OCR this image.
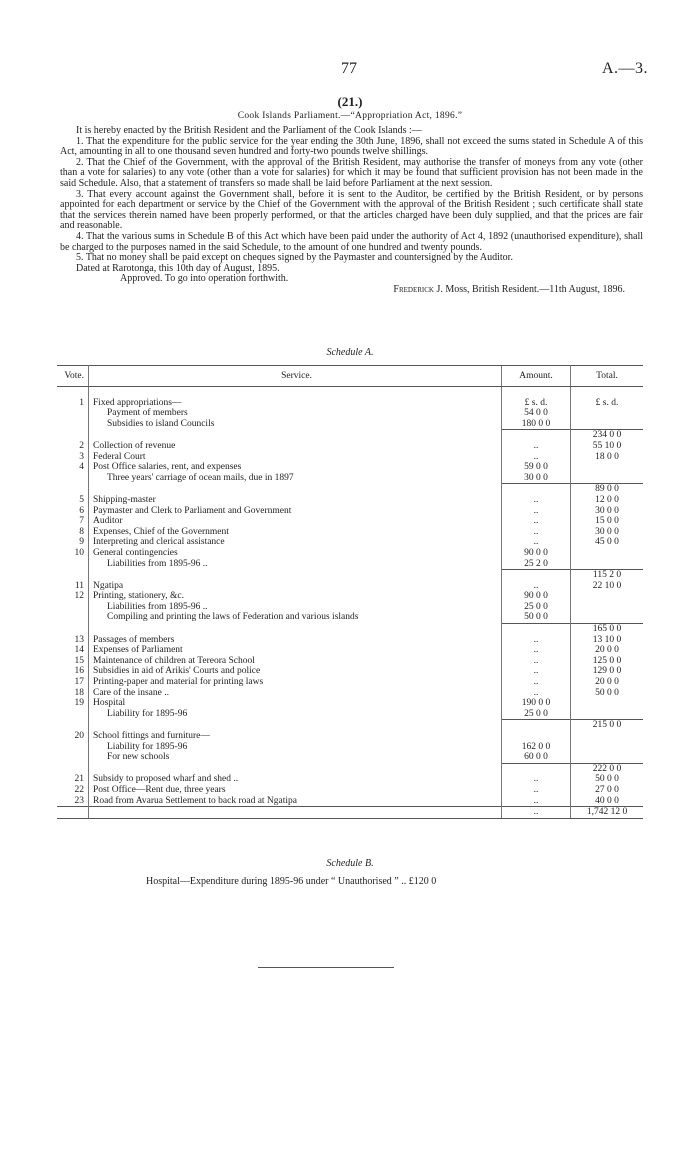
77	A.—3.
(21.)
Cook Islands Parliament.—“Appropriation Act, 1896.”

It is hereby enacted by the British Resident and the Parliament of the Cook Islands :—

1. That the expenditure for the public service for the year ending the 30th June, 1896, shall not exceed the sums stated in Schedule A of this Act, amounting in all to one thousand seven hundred and forty-two pounds twelve shillings.

2. That the Chief of the Government, with the approval of the British Resident, may authorise the transfer of moneys from any vote (other than a vote for salaries) to any vote (other than a vote for salaries) for which it may be found that sufficient provision has not been made in the said Schedule. Also, that a statement of transfers so made shall be laid before Parliament at the next session.

3. That every account against the Government shall, before it is sent to the Auditor, be certified by the British Resident, or by persons appointed for each department or service by the Chief of the Government with the approval of the British Resident ; such certificate shall state that the services therein named have been properly performed, or that the articles charged have been duly supplied, and that the prices are fair and reasonable.

4. That the various sums in Schedule B of this Act which have been paid under the authority of Act 4, 1892 (unauthorised expenditure), shall be charged to the purposes named in the said Schedule, to the amount of one hundred and twenty pounds.

5. That no money shall be paid except on cheques signed by the Paymaster and countersigned by the Auditor.

Dated at Rarotonga, this 10th day of August, 1895.

Approved. To go into operation forthwith.

Frederick J. Moss, British Resident.—11th August, 1896.

Schedule A.
Vote.	Service.	Amount.	Total.

1	Fixed appropriations—	£ s. d.	£ s. d.
	Payment of members	54 0 0	
	Subsidies to island Councils	180 0 0	
			234 0 0
2	Collection of revenue	..	55 10 0
3	Federal Court	..	18 0 0
4	Post Office salaries, rent, and expenses	59 0 0	
	Three years' carriage of ocean mails, due in 1897	30 0 0	
			89 0 0
5	Shipping-master	..	12 0 0
6	Paymaster and Clerk to Parliament and Government	..	30 0 0
7	Auditor	..	15 0 0
8	Expenses, Chief of the Government	..	30 0 0
9	Interpreting and clerical assistance	..	45 0 0
10	General contingencies	90 0 0	
	Liabilities from 1895-96 ..	25 2 0	
			115 2 0
11	Ngatipa	..	22 10 0
12	Printing, stationery, &c.	90 0 0	
	Liabilities from 1895-96 ..	25 0 0	
	Compiling and printing the laws of Federation and various islands	50 0 0	
			165 0 0
13	Passages of members	..	13 10 0
14	Expenses of Parliament	..	20 0 0
15	Maintenance of children at Tereora School	..	125 0 0
16	Subsidies in aid of Arikis' Courts and police	..	129 0 0
17	Printing-paper and material for printing laws	..	20 0 0
18	Care of the insane ..	..	50 0 0
19	Hospital	190 0 0	
	Liability for 1895-96	25 0 0	
			215 0 0
20	School fittings and furniture—		
	Liability for 1895-96	162 0 0	
	For new schools	60 0 0	
			222 0 0
21	Subsidy to proposed wharf and shed ..	..	50 0 0
22	Post Office—Rent due, three years	..	27 0 0
23	Road from Avarua Settlement to back road at Ngatipa	..	40 0 0
		..	1,742 12 0
Schedule B.
Hospital—Expenditure during 1895-96 under “ Unauthorised ” .. £120 0
